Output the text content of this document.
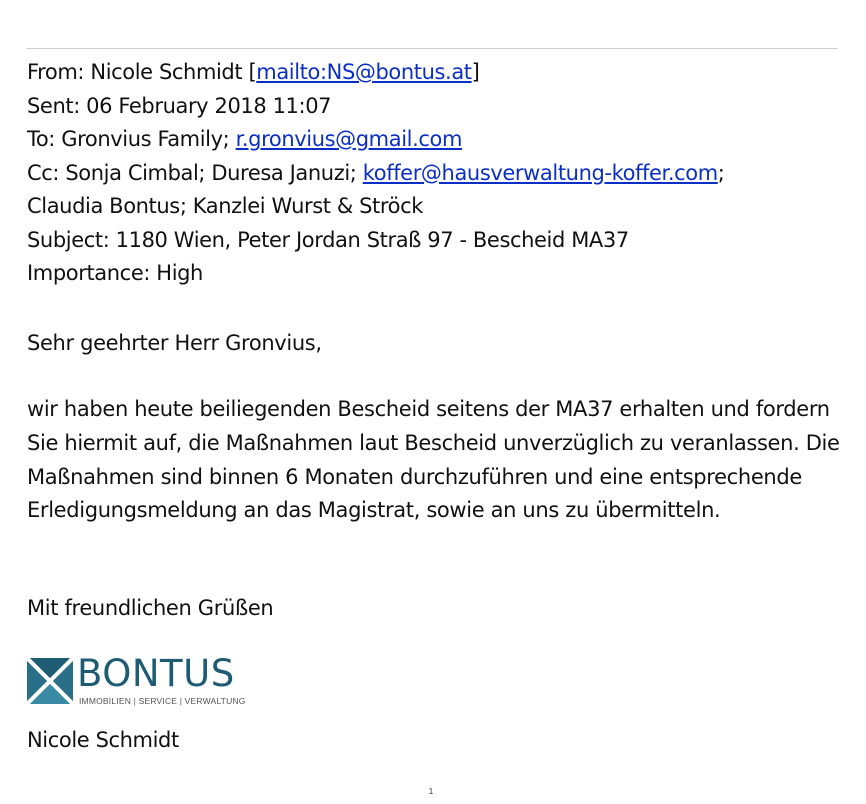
From: Nicole Schmidt [mailto:NS@bontus.at]
Sent: 06 February 2018 11:07
To: Gronvius Family; r.gronvius@gmail.com
Cc: Sonja Cimbal; Duresa Januzi; koffer@hausverwaltung-koffer.com;
Claudia Bontus; Kanzlei Wurst & Ströck
Subject: 1180 Wien, Peter Jordan Straß 97 - Bescheid MA37
Importance: High
Sehr geehrter Herr Gronvius,
wir haben heute beiliegenden Bescheid seitens der MA37 erhalten und fordern Sie hiermit auf, die Maßnahmen laut Bescheid unverzüglich zu veranlassen. Die Maßnahmen sind binnen 6 Monaten durchzuführen und eine entsprechende Erledigungsmeldung an das Magistrat, sowie an uns zu übermitteln.
Mit freundlichen Grüßen
BONTUS
IMMOBILIEN | SERVICE | VERWALTUNG
Nicole Schmidt
1
